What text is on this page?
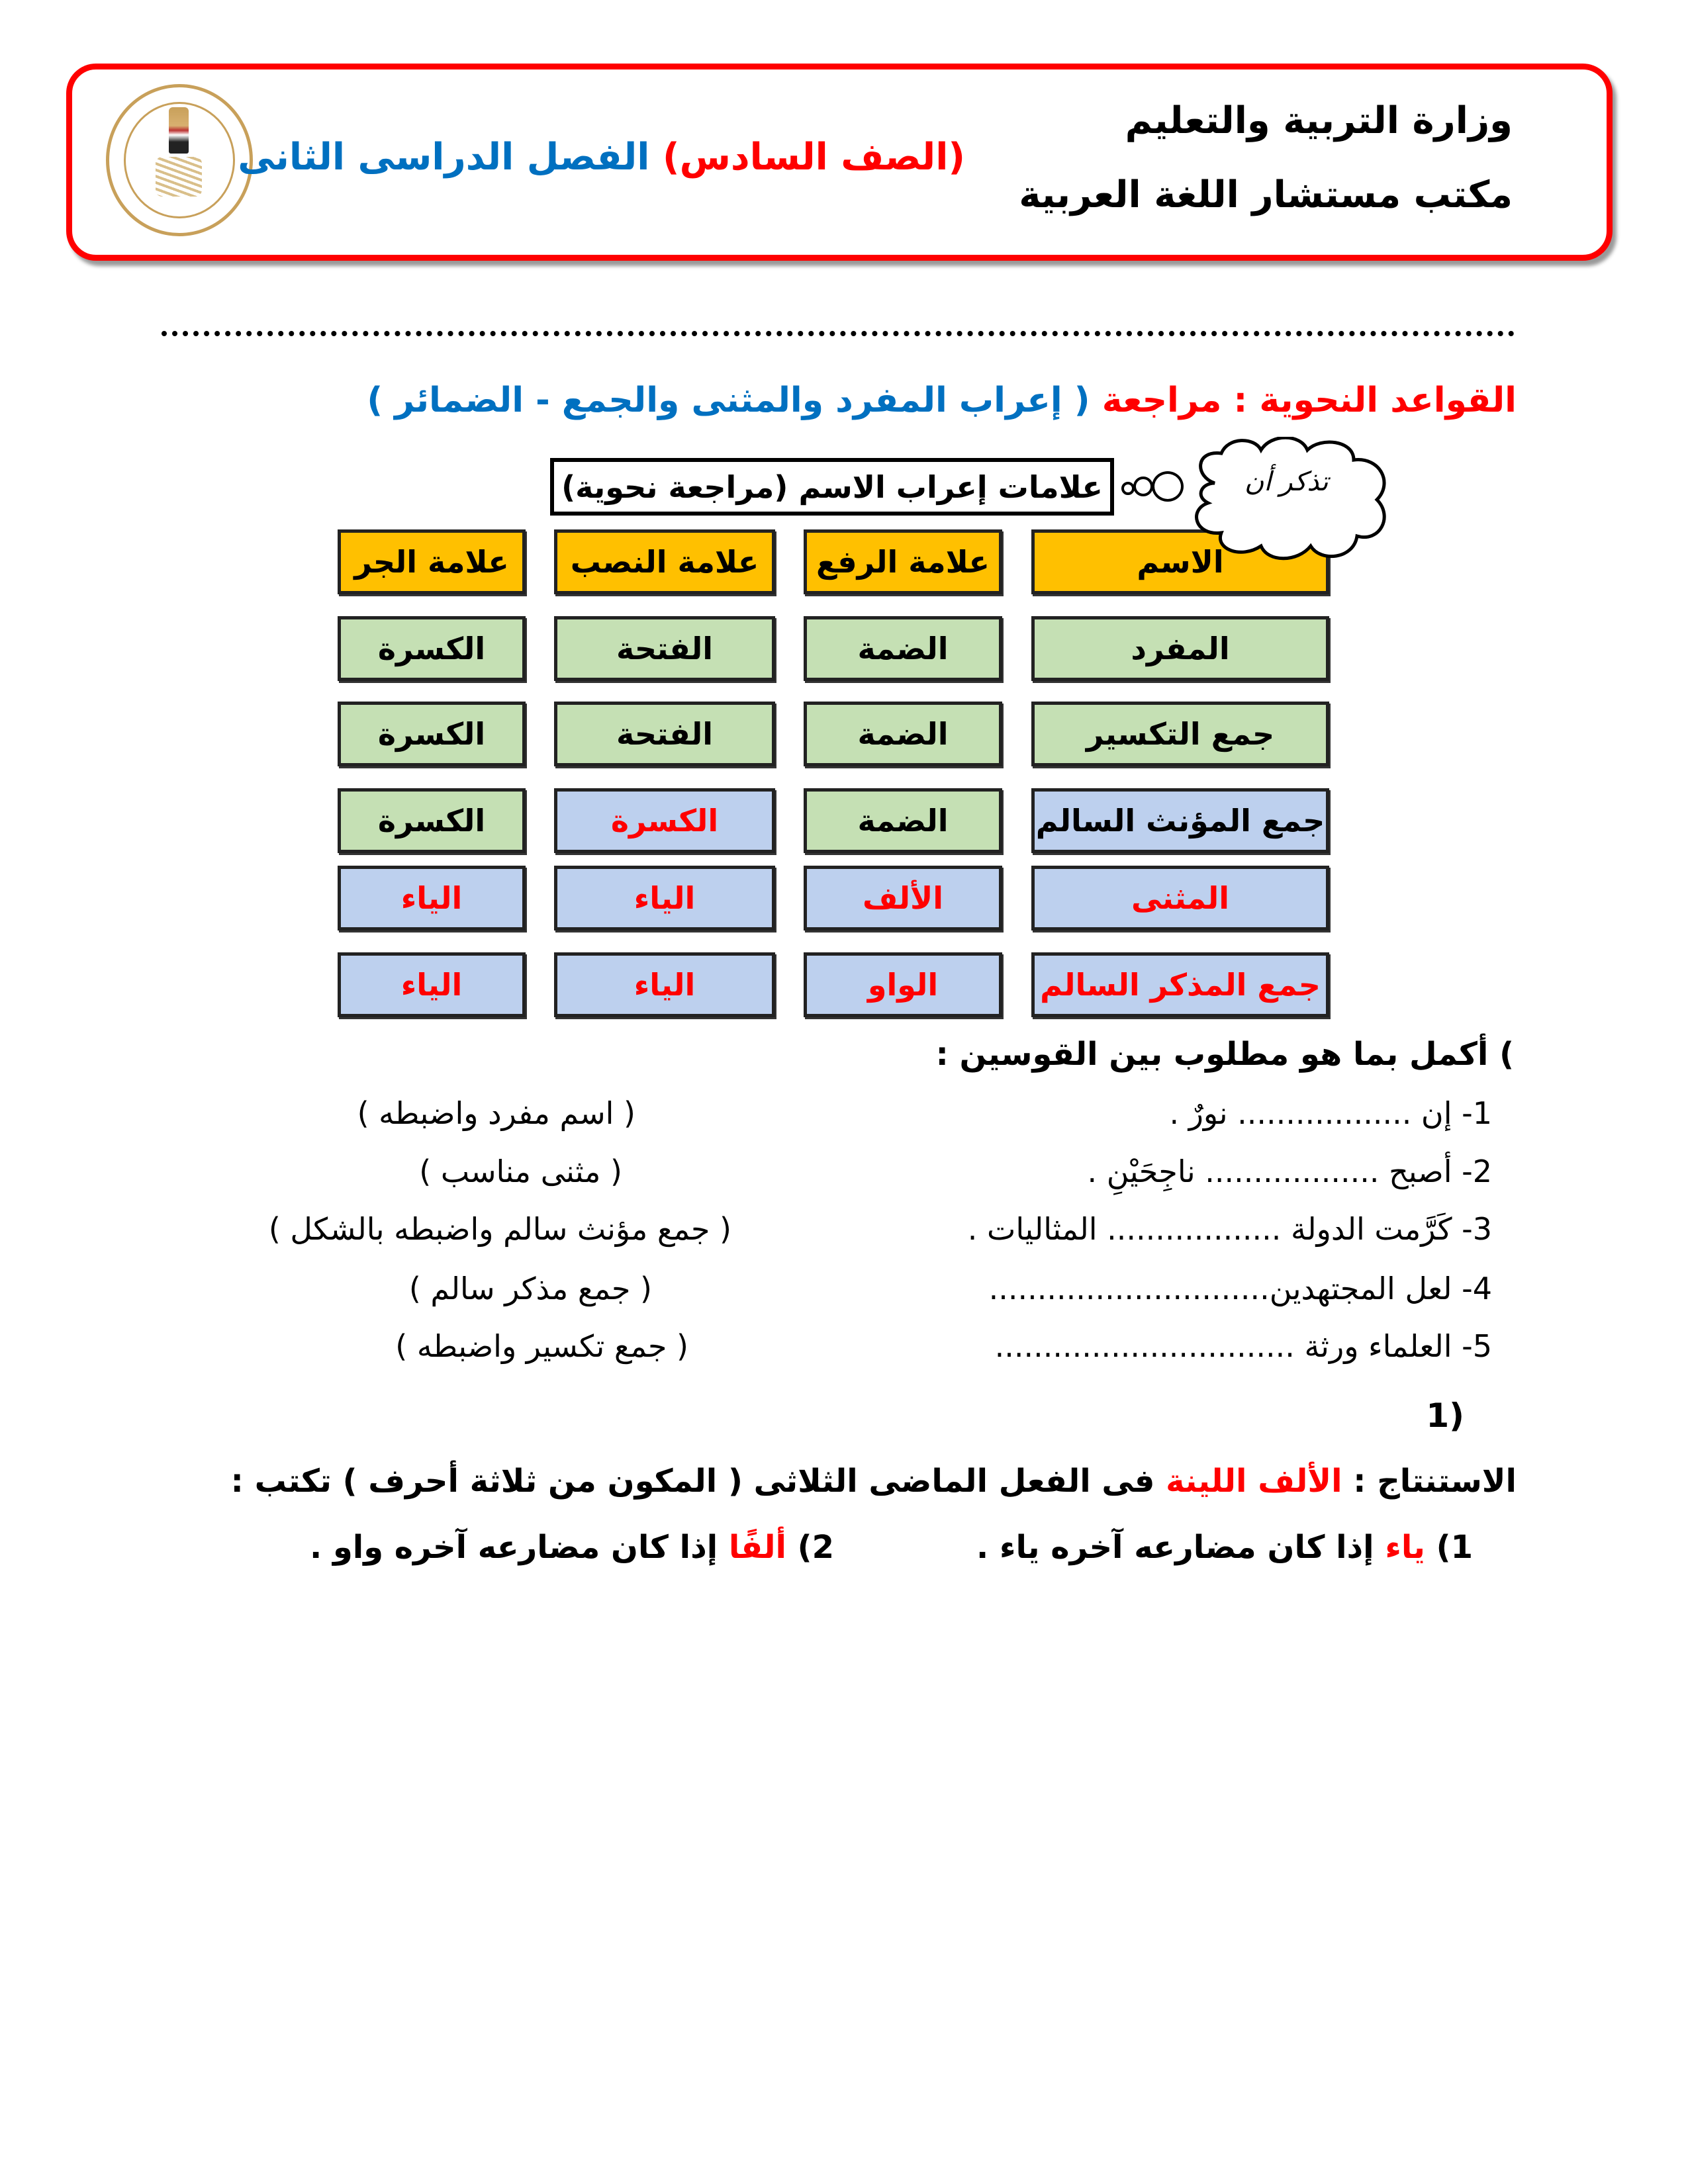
وزارة التربية والتعليم
مكتب مستشار اللغة العربية
(الصف السادس) الفصل الدراسى الثانى
القواعد النحوية : مراجعة ( إعراب المفرد والمثنى والجمع - الضمائر )
علامات إعراب الاسم (مراجعة نحوية)
الاسم
علامة الرفع
علامة النصب
علامة الجر
المفرد
الضمة
الفتحة
الكسرة
جمع التكسير
الضمة
الفتحة
الكسرة
جمع المؤنث السالم
الضمة
الكسرة
الكسرة
المثنى
الألف
الياء
الياء
جمع المذكر السالم
الواو
الياء
الياء
تذكر أن
) أكمل بما هو مطلوب بين القوسين :
1- إن .................. نورٌ .
( اسم مفرد واضبطه )
2- أصبح .................. ناجِحَيْنِ .
( مثنى مناسب )
3- كَرَّمت الدولة .................. المثاليات .
( جمع مؤنث سالم واضبطه بالشكل )
4- لعل المجتهدين.............................
( جمع مذكر سالم )
5- العلماء ورثة ...............................
( جمع تكسير واضبطه )
(1
الاستنتاج : الألف اللينة فى الفعل الماضى الثلاثى ( المكون من ثلاثة أحرف ) تكتب :
1) ياء إذا كان مضارعه آخره ياء .
2) ألفًا إذا كان مضارعه آخره واو .
